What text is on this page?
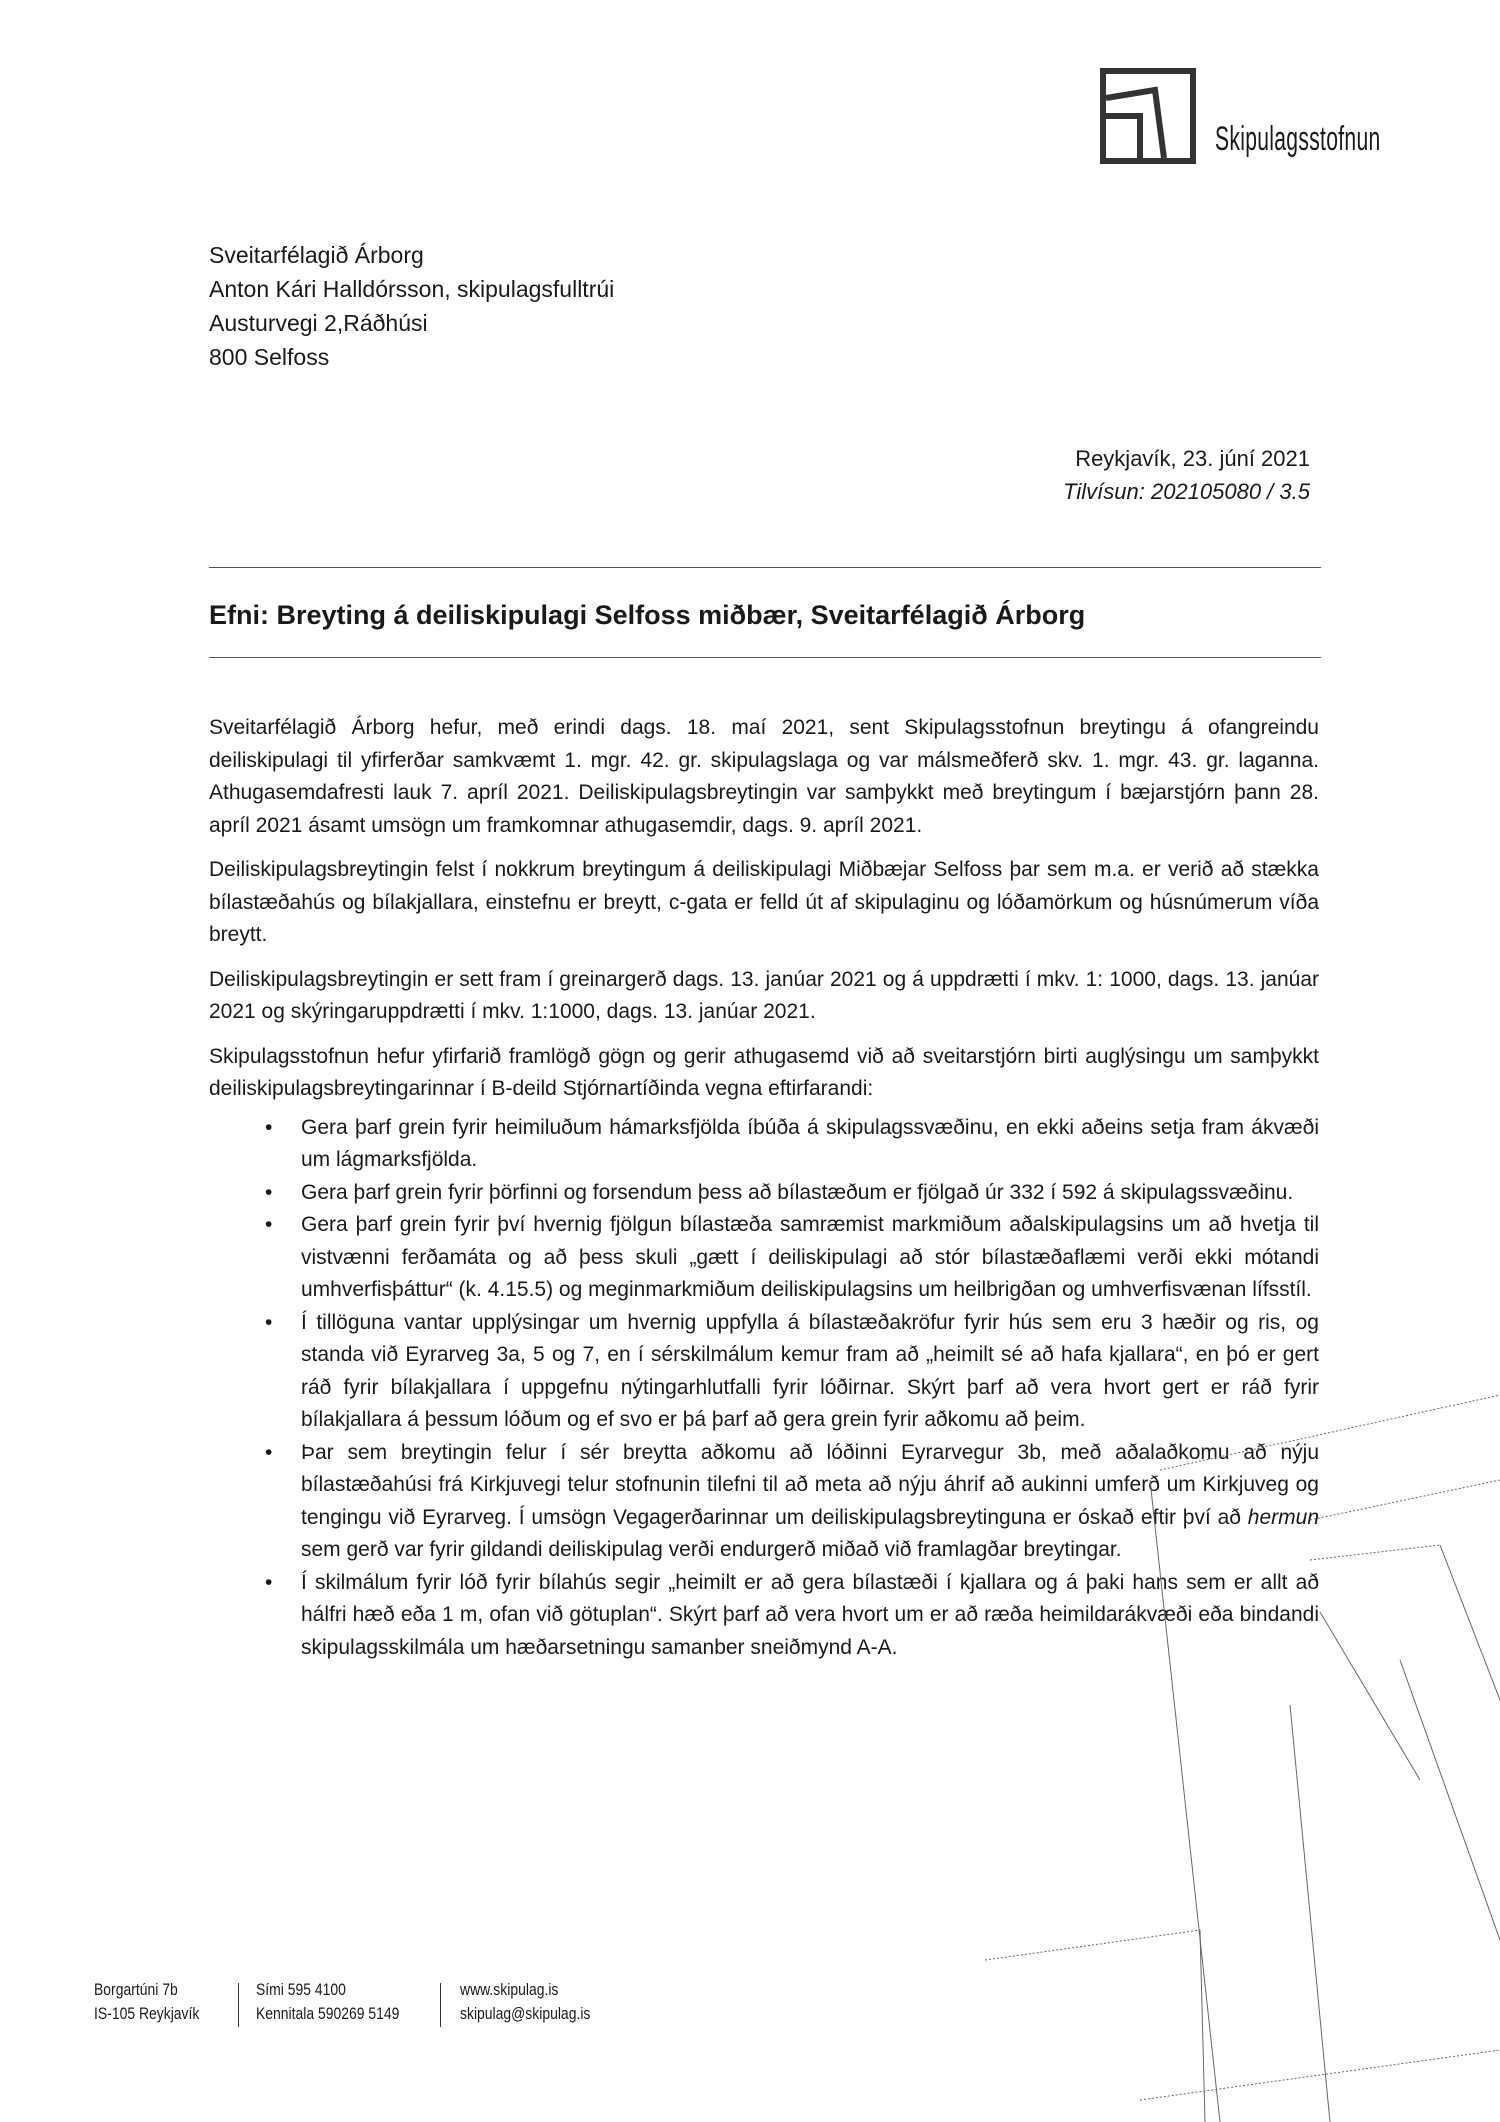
Skipulagsstofnun
Sveitarfélagið Árborg
Anton Kári Halldórsson, skipulagsfulltrúi
Austurvegi 2,Ráðhúsi
800 Selfoss
Reykjavík, 23. júní 2021
Tilvísun: 202105080 / 3.5
Efni: Breyting á deiliskipulagi Selfoss miðbær, Sveitarfélagið Árborg

Sveitarfélagið Árborg hefur, með erindi dags. 18. maí 2021, sent Skipulagsstofnun breytingu á ofangreindu deiliskipulagi til yfirferðar samkvæmt 1. mgr. 42. gr. skipulagslaga og var málsmeðferð skv. 1. mgr. 43. gr. laganna. Athugasemdafresti lauk 7. apríl 2021. Deiliskipulagsbreytingin var samþykkt með breytingum í bæjarstjórn þann 28. apríl 2021 ásamt umsögn um framkomnar athugasemdir, dags. 9. apríl 2021.

Deiliskipulagsbreytingin felst í nokkrum breytingum á deiliskipulagi Miðbæjar Selfoss þar sem m.a. er verið að stækka bílastæðahús og bílakjallara, einstefnu er breytt, c-gata er felld út af skipulaginu og lóðamörkum og húsnúmerum víða breytt.

Deiliskipulagsbreytingin er sett fram í greinargerð dags. 13. janúar 2021 og á uppdrætti í mkv. 1: 1000, dags. 13. janúar 2021 og skýringaruppdrætti í mkv. 1:1000, dags. 13. janúar 2021.

Skipulagsstofnun hefur yfirfarið framlögð gögn og gerir athugasemd við að sveitarstjórn birti auglýsingu um samþykkt deiliskipulagsbreytingarinnar í B-deild Stjórnartíðinda vegna eftirfarandi:

• Gera þarf grein fyrir heimiluðum hámarksfjölda íbúða á skipulagssvæðinu, en ekki aðeins setja fram ákvæði um lágmarksfjölda.
• Gera þarf grein fyrir þörfinni og forsendum þess að bílastæðum er fjölgað úr 332 í 592 á skipulagssvæðinu.
• Gera þarf grein fyrir því hvernig fjölgun bílastæða samræmist markmiðum aðalskipulagsins um að hvetja til vistvænni ferðamáta og að þess skuli „gætt í deiliskipulagi að stór bílastæðaflæmi verði ekki mótandi umhverfisþáttur“ (k. 4.15.5) og meginmarkmiðum deiliskipulagsins um heilbrigðan og umhverfisvænan lífsstíl.
• Í tillöguna vantar upplýsingar um hvernig uppfylla á bílastæðakröfur fyrir hús sem eru 3 hæðir og ris, og standa við Eyrarveg 3a, 5 og 7, en í sérskilmálum kemur fram að „heimilt sé að hafa kjallara“, en þó er gert ráð fyrir bílakjallara í uppgefnu nýtingarhlutfalli fyrir lóðirnar. Skýrt þarf að vera hvort gert er ráð fyrir bílakjallara á þessum lóðum og ef svo er þá þarf að gera grein fyrir aðkomu að þeim.
• Þar sem breytingin felur í sér breytta aðkomu að lóðinni Eyrarvegur 3b, með aðalaðkomu að nýju bílastæðahúsi frá Kirkjuvegi telur stofnunin tilefni til að meta að nýju áhrif að aukinni umferð um Kirkjuveg og tengingu við Eyrarveg. Í umsögn Vegagerðarinnar um deiliskipulagsbreytinguna er óskað eftir því að hermun sem gerð var fyrir gildandi deiliskipulag verði endurgerð miðað við framlagðar breytingar.
• Í skilmálum fyrir lóð fyrir bílahús segir „heimilt er að gera bílastæði í kjallara og á þaki hans sem er allt að hálfri hæð eða 1 m, ofan við götuplan“. Skýrt þarf að vera hvort um er að ræða heimildarákvæði eða bindandi skipulagsskilmála um hæðarsetningu samanber sneiðmynd A-A.
Borgartúni 7b
IS-105 Reykjavík
Sími 595 4100
Kennitala 590269 5149
www.skipulag.is
skipulag@skipulag.is
